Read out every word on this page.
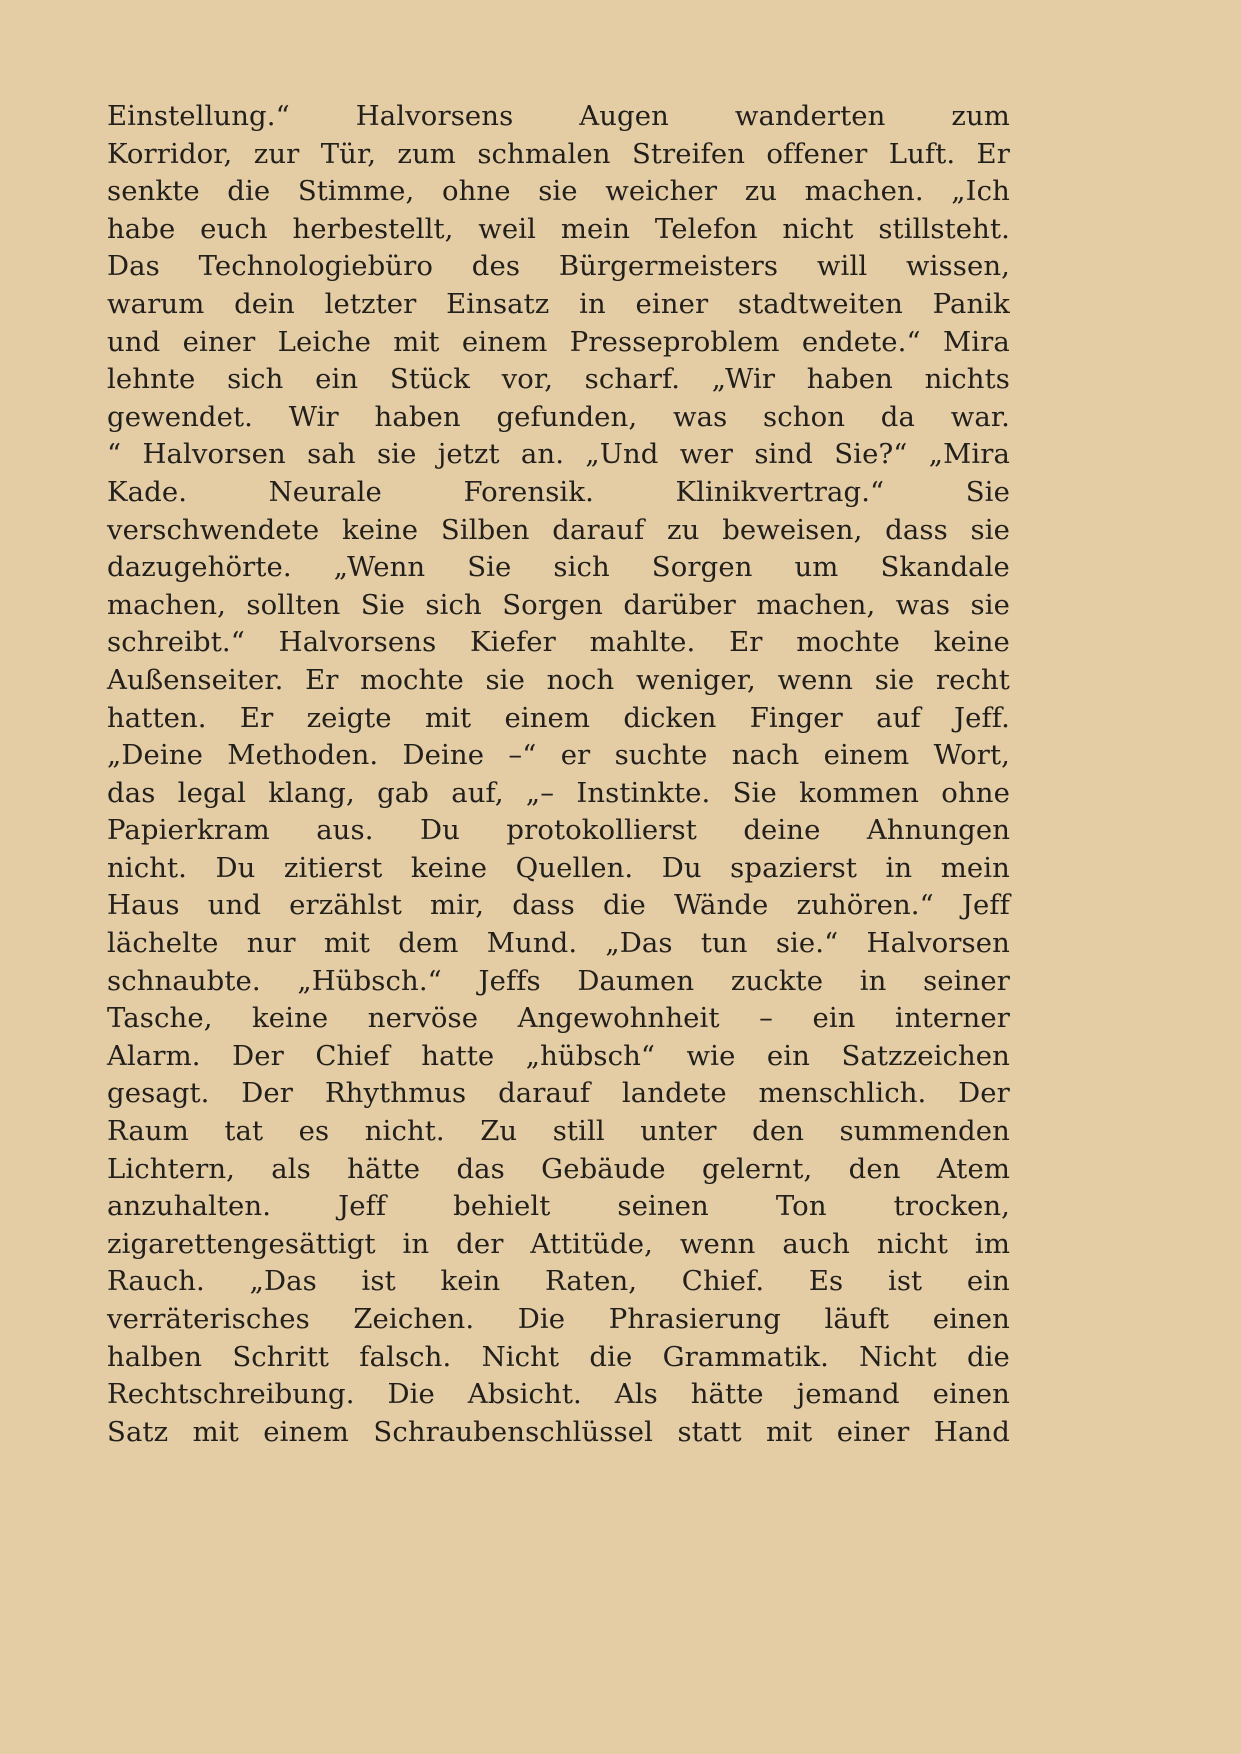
Einstellung.“ Halvorsens Augen wanderten zum
Korridor, zur Tür, zum schmalen Streifen offener Luft. Er
senkte die Stimme, ohne sie weicher zu machen. „Ich
habe euch herbestellt, weil mein Telefon nicht stillsteht.
Das Technologiebüro des Bürgermeisters will wissen,
warum dein letzter Einsatz in einer stadtweiten Panik
und einer Leiche mit einem Presseproblem endete.“ Mira
lehnte sich ein Stück vor, scharf. „Wir haben nichts
gewendet. Wir haben gefunden, was schon da war.
“ Halvorsen sah sie jetzt an. „Und wer sind Sie?“ „Mira
Kade.	Neurale	Forensik.	Klinikvertrag.“	Sie
verschwendete keine Silben darauf zu beweisen, dass sie
dazugehörte. „Wenn Sie sich Sorgen um Skandale
machen, sollten Sie sich Sorgen darüber machen, was sie
schreibt.“ Halvorsens Kiefer mahlte. Er mochte keine
Außenseiter. Er mochte sie noch weniger, wenn sie recht
hatten. Er zeigte mit einem dicken Finger auf Jeff.
„Deine Methoden. Deine –“ er suchte nach einem Wort,
das legal klang, gab auf, „– Instinkte. Sie kommen ohne
Papierkram aus. Du protokollierst deine Ahnungen
nicht. Du zitierst keine Quellen. Du spazierst in mein
Haus und erzählst mir, dass die Wände zuhören.“ Jeff
lächelte nur mit dem Mund. „Das tun sie.“ Halvorsen
schnaubte. „Hübsch.“ Jeffs Daumen zuckte in seiner
Tasche, keine nervöse Angewohnheit – ein interner
Alarm. Der Chief hatte „hübsch“ wie ein Satzzeichen
gesagt. Der Rhythmus darauf landete menschlich. Der
Raum tat es nicht. Zu still unter den summenden
Lichtern, als hätte das Gebäude gelernt, den Atem
anzuhalten. Jeff behielt seinen Ton trocken,
zigarettengesättigt in der Attitüde, wenn auch nicht im
Rauch. „Das ist kein Raten, Chief. Es ist ein
verräterisches Zeichen. Die Phrasierung läuft einen
halben Schritt falsch. Nicht die Grammatik. Nicht die
Rechtschreibung. Die Absicht. Als hätte jemand einen
Satz mit einem Schraubenschlüssel statt mit einer Hand
